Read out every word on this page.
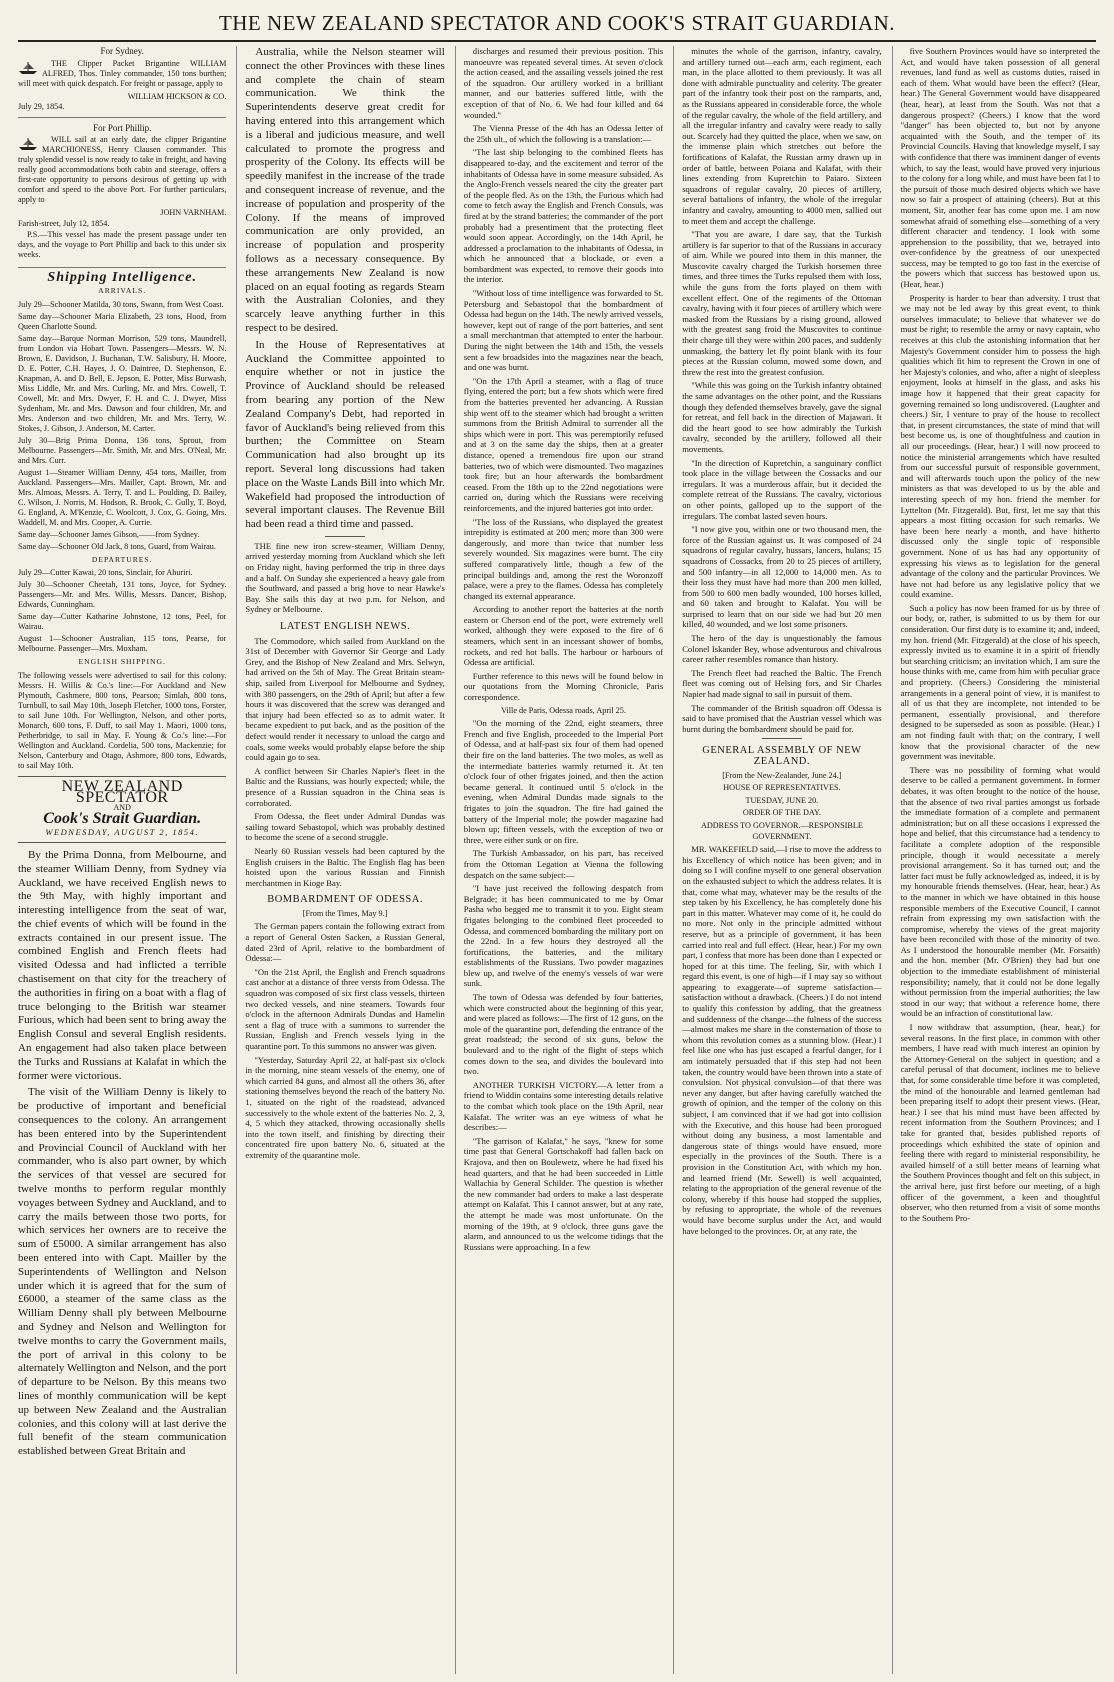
THE NEW ZEALAND SPECTATOR AND COOK'S STRAIT GUARDIAN.
For Sydney.

THE Clipper Packet Brigantine WILLIAM ALFRED, Thos. Tinley commander, 150 tons burthen; will meet with quick despatch. For freight or passage, apply to

WILLIAM HICKSON & CO.
July 29, 1854.
For Port Phillip.

WILL sail at an early date, the clipper Brigantine MARCHIONESS, Henry Clausen commander. This truly splendid vessel is now ready to take in freight, and having really good accommodations both cabin and steerage, offers a first-rate opportunity to persons desirous of getting up with comfort and speed to the above Port. For further particulars, apply to

JOHN VARNHAM.
Farish-street, July 12, 1854.

P.S.—This vessel has made the present passage under ten days, and the voyage to Port Phillip and back to this under six weeks.

Shipping Intelligence.
ARRIVALS.

July 29—Schooner Matilda, 30 tons, Swann, from West Coast.

Same day—Schooner Maria Elizabeth, 23 tons, Hood, from Queen Charlotte Sound.

Same day—Barque Norman Morrison, 529 tons, Maundrell, from London via Hobart Town. Passengers—Messrs. W. N. Brown, E. Davidson, J. Buchanan, T.W. Salisbury, H. Moore, D. E. Potter, C.H. Hayes, J. O. Daintree, D. Stephenson, E. Knapman, A. and D. Bell, E. Jepson, E. Potter, Miss Burwash, Miss Liddle, Mr. and Mrs. Curling, Mr. and Mrs. Cowell, T. Cowell, Mr. and Mrs. Dwyer, F. H. and C. J. Dwyer, Miss Sydenham, Mr. and Mrs. Dawson and four children, Mr. and Mrs. Anderson and two children, Mr. and Mrs. Terry, W. Stokes, J. Gibson, J. Anderson, M. Carter.

July 30—Brig Prima Donna, 136 tons, Sprout, from Melbourne. Passengers—Mr. Smith, Mr. and Mrs. O'Neal, Mr. and Mrs. Curr.

August 1—Steamer William Denny, 454 tons, Mailler, from Auckland. Passengers—Mrs. Mailler, Capt. Brown, Mr. and Mrs. Almoas, Messrs. A. Terry, T. and L. Poulding, D. Bailey, C. Wilson, J. Norris, M. Hodson, R. Brook, C. Gully, T. Boyd, G. England, A. M'Kenzie, C. Woolcott, J. Cox, G. Going, Mrs. Waddell, M. and Mrs. Cooper, A. Currie.

Same day—Schooner James Gibson,——from Sydney.

Same day—Schooner Old Jack, 8 tons, Guard, from Wairau.

DEPARTURES.

July 29—Cutter Kawai, 20 tons, Sinclair, for Ahuriri.

July 30—Schooner Cheetah, 131 tons, Joyce, for Sydney. Passengers—Mr. and Mrs. Willis, Messrs. Dancer, Bishop, Edwards, Cunningham.

Same day—Cutter Katharine Johnstone, 12 tons, Peel, for Wairau.

August 1—Schooner Australian, 115 tons, Pearse, for Melbourne. Passenger—Mrs. Moxham.

ENGLISH SHIPPING.

The following vessels were advertised to sail for this colony. Messrs. H. Willis & Co.'s line:—For Auckland and New Plymouth, Cashmere, 800 tons, Pearson; Simlah, 800 tons, Turnbull, to sail May 10th, Joseph Fletcher, 1000 tons, Forster, to sail June 10th. For Wellington, Nelson, and other ports, Monarch, 600 tons, F. Duff, to sail May 1. Maori, 1000 tons, Petherbridge, to sail in May. F. Young & Co.'s line:—For Wellington and Auckland. Cordelia, 500 tons, Mackenzie; for Nelson, Canterbury and Otago, Ashmore, 800 tons, Edwards, to sail May 10th.

NEW ZEALAND SPECTATOR
AND
Cook's Strait Guardian.
WEDNESDAY, AUGUST 2, 1854.

By the Prima Donna, from Melbourne, and the steamer William Denny, from Sydney via Auckland, we have received English news to the 9th May, with highly important and interesting intelligence from the seat of war, the chief events of which will be found in the extracts contained in our present issue. The combined English and French fleets had visited Odessa and had inflicted a terrible chastisement on that city for the treachery of the authorities in firing on a boat with a flag of truce belonging to the British war steamer Furious, which had been sent to bring away the English Consul and several English residents. An engagement had also taken place between the Turks and Russians at Kalafat in which the former were victorious.

The visit of the William Denny is likely to be productive of important and beneficial consequences to the colony. An arrangement has been entered into by the Superintendent and Provincial Council of Auckland with her commander, who is also part owner, by which the services of that vessel are secured for twelve months to perform regular monthly voyages between Sydney and Auckland, and to carry the mails between those two ports, for which services her owners are to receive the sum of £5000. A similar arrangement has also been entered into with Capt. Mailler by the Superintendents of Wellington and Nelson under which it is agreed that for the sum of £6000, a steamer of the same class as the William Denny shall ply between Melbourne and Sydney and Nelson and Wellington for twelve months to carry the Government mails, the port of arrival in this colony to be alternately Wellington and Nelson, and the port of departure to be Nelson. By this means two lines of monthly communication will be kept up between New Zealand and the Australian colonies, and this colony will at last derive the full benefit of the steam communication established between Great Britain and

Australia, while the Nelson steamer will connect the other Provinces with these lines and complete the chain of steam communication. We think the Superintendents deserve great credit for having entered into this arrangement which is a liberal and judicious measure, and well calculated to promote the progress and prosperity of the Colony. Its effects will be speedily manifest in the increase of the trade and consequent increase of revenue, and the increase of population and prosperity of the Colony. If the means of improved communication are only provided, an increase of population and prosperity follows as a necessary consequence. By these arrangements New Zealand is now placed on an equal footing as regards Steam with the Australian Colonies, and they scarcely leave anything further in this respect to be desired.

In the House of Representatives at Auckland the Committee appointed to enquire whether or not in justice the Province of Auckland should be released from bearing any portion of the New Zealand Company's Debt, had reported in favor of Auckland's being relieved from this burthen; the Committee on Steam Communication had also brought up its report. Several long discussions had taken place on the Waste Lands Bill into which Mr. Wakefield had proposed the introduction of several important clauses. The Revenue Bill had been read a third time and passed.

THE fine new iron screw-steamer, William Denny, arrived yesterday morning from Auckland which she left on Friday night, having performed the trip in three days and a half. On Sunday she experienced a heavy gale from the Southward, and passed a brig hove to near Hawke's Bay. She sails this day at two p.m. for Nelson, and Sydney or Melbourne.

LATEST ENGLISH NEWS.

The Commodore, which sailed from Auckland on the 31st of December with Governor Sir George and Lady Grey, and the Bishop of New Zealand and Mrs. Selwyn, had arrived on the 5th of May. The Great Britain steam-ship, sailed from Liverpool for Melbourne and Sydney, with 380 passengers, on the 29th of April; but after a few hours it was discovered that the screw was deranged and that injury had been effected so as to admit water. It became expedient to put back, and as the position of the defect would render it necessary to unload the cargo and coals, some weeks would probably elapse before the ship could again go to sea.

A conflict between Sir Charles Napier's fleet in the Baltic and the Russians, was hourly expected; while, the presence of a Russian squadron in the China seas is corroborated.

From Odessa, the fleet under Admiral Dundas was sailing toward Sebastopol, which was probably destined to become the scene of a second struggle.

Nearly 60 Russian vessels had been captured by the English cruisers in the Baltic. The English flag has been hoisted upon the various Russian and Finnish merchantmen in Kioge Bay.

BOMBARDMENT OF ODESSA.
[From the Times, May 9.]

The German papers contain the following extract from a report of General Osten Sacken, a Russian General, dated 23rd of April, relative to the bombardment of Odessa:—

"On the 21st April, the English and French squadrons cast anchor at a distance of three versts from Odessa. The squadron was composed of six first class vessels, thirteen two decked vessels, and nine steamers. Towards four o'clock in the afternoon Admirals Dundas and Hamelin sent a flag of truce with a summons to surrender the Russian, English and French vessels lying in the quarantine port. To this summons no answer was given.

"Yesterday, Saturday April 22, at half-past six o'clock in the morning, nine steam vessels of the enemy, one of which carried 84 guns, and almost all the others 36, after stationing themselves beyond the reach of the battery No. 1, situated on the right of the roadstead, advanced successively to the whole extent of the batteries No. 2, 3, 4, 5 which they attacked, throwing occasionally shells into the town itself, and finishing by directing their concentrated fire upon battery No. 6, situated at the extremity of the quarantine mole.

discharges and resumed their previous position. This manoeuvre was repeated several times. At seven o'clock the action ceased, and the assailing vessels joined the rest of the squadron. Our artillery worked in a brilliant manner, and our batteries suffered little, with the exception of that of No. 6. We had four killed and 64 wounded."

The Vienna Presse of the 4th has an Odessa letter of the 25th ult., of which the following is a translation:—

"The last ship belonging to the combined fleets has disappeared to-day, and the excitement and terror of the inhabitants of Odessa have in some measure subsided. As the Anglo-French vessels neared the city the greater part of the people fled. As on the 13th, the Furious which had come to fetch away the English and French Consuls, was fired at by the strand batteries; the commander of the port probably had a presentiment that the protecting fleet would soon appear. Accordingly, on the 14th April, he addressed a proclamation to the inhabitants of Odessa, in which he announced that a blockade, or even a bombardment was expected, to remove their goods into the interior.

"Without loss of time intelligence was forwarded to St. Petersburg and Sebastopol that the bombardment of Odessa had begun on the 14th. The newly arrived vessels, however, kept out of range of the port batteries, and sent a small merchantman that attempted to enter the harbour. During the night between the 14th and 15th, the vessels sent a few broadsides into the magazines near the beach, and one was burnt.

"On the 17th April a steamer, with a flag of truce flying, entered the port; but a few shots which were fired from the batteries prevented her advancing. A Russian ship went off to the steamer which had brought a written summons from the British Admiral to surrender all the ships which were in port. This was peremptorily refused and at 3 on the same day the ships, then at a greater distance, opened a tremendous fire upon our strand batteries, two of which were dismounted. Two magazines took fire; but an hour afterwards the bombardment ceased. From the 18th up to the 22nd negotiations were carried on, during which the Russians were receiving reinforcements, and the injured batteries got into order.

"The loss of the Russians, who displayed the greatest intrepidity is estimated at 200 men; more than 300 were dangerously, and more than twice that number less severely wounded. Six magazines were burnt. The city suffered comparatively little, though a few of the principal buildings and, among the rest the Woronzoff palace, were a prey to the flames. Odessa has completely changed its external appearance.

According to another report the batteries at the north eastern or Cherson end of the port, were extremely well worked, although they were exposed to the fire of 6 steamers, which sent in an incessant shower of bombs, rockets, and red hot balls. The harbour or harbours of Odessa are artificial.

Further reference to this news will be found below in our quotations from the Morning Chronicle, Paris correspondence.

Ville de Paris, Odessa roads, April 25.

"On the morning of the 22nd, eight steamers, three French and five English, proceeded to the Imperial Port of Odessa, and at half-past six four of them had opened their fire on the land batteries. The two moles, as well as the intermediate batteries warmly returned it. At ten o'clock four of other frigates joined, and then the action became general. It continued until 5 o'clock in the evening, when Admiral Dundas made signals to the frigates to join the squadron. The fire had gained the battery of the Imperial mole; the powder magazine had blown up; fifteen vessels, with the exception of two or three, were either sunk or on fire.

The Turkish Ambassador, on his part, has received from the Ottoman Legation at Vienna the following despatch on the same subject:—

"I have just received the following despatch from Belgrade; it has been communicated to me by Omar Pasha who begged me to transmit it to you. Eight steam frigates belonging to the combined fleet proceeded to Odessa, and commenced bombarding the military port on the 22nd. In a few hours they destroyed all the fortifications, the batteries, and the military establishments of the Russians. Two powder magazines blew up, and twelve of the enemy's vessels of war were sunk.

The town of Odessa was defended by four batteries, which were constructed about the beginning of this year, and were placed as follows:—The first of 12 guns, on the mole of the quarantine port, defending the entrance of the great roadstead; the second of six guns, below the boulevard and to the right of the flight of steps which comes down to the sea, and divides the boulevard into two.

ANOTHER TURKISH VICTORY.—A letter from a friend to Widdin contains some interesting details relative to the combat which took place on the 19th April, near Kalafat. The writer was an eye witness of what he describes:—

"The garrison of Kalafat," he says, "knew for some time past that General Gortschakoff had fallen back on Krajova, and then on Boulewetz, where he had fixed his head quarters, and that he had been succeeded in Little Wallachia by General Schilder. The question is whether the new commander had orders to make a last desperate attempt on Kalafat. This I cannot answer, but at any rate, the attempt he made was most unfortunate. On the morning of the 19th, at 9 o'clock, three guns gave the alarm, and announced to us the welcome tidings that the Russians were approaching. In a few

minutes the whole of the garrison, infantry, cavalry, and artillery turned out—each arm, each regiment, each man, in the place allotted to them previously. It was all done with admirable punctuality and celerity. The greater part of the infantry took their post on the ramparts, and, as the Russians appeared in considerable force, the whole of the regular cavalry, the whole of the field artillery, and all the irregular infantry and cavalry were ready to sally out. Scarcely had they quitted the place, when we saw, on the immense plain which stretches out before the fortifications of Kalafat, the Russian army drawn up in order of battle, between Poiana and Kalafat, with their lines extending from Kupretchin to Paiaro. Sixteen squadrons of regular cavalry, 20 pieces of artillery, several battalions of infantry, the whole of the irregular infantry and cavalry, amounting to 4000 men, sallied out to meet them and accept the challenge.

"That you are aware, I dare say, that the Turkish artillery is far superior to that of the Russians in accuracy of aim. While we poured into them in this manner, the Muscovite cavalry charged the Turkish horsemen three times, and three times the Turks repulsed them with loss, while the guns from the forts played on them with excellent effect. One of the regiments of the Ottoman cavalry, having with it four pieces of artillery which were masked from the Russians by a rising ground, allowed with the greatest sang froid the Muscovites to continue their charge till they were within 200 paces, and suddenly unmasking, the battery let fly point blank with its four pieces at the Russian column, mowed some down, and threw the rest into the greatest confusion.

"While this was going on the Turkish infantry obtained the same advantages on the other point, and the Russians though they defended themselves bravely, gave the signal for retreat, and fell back in the direction of Majawari. It did the heart good to see how admirably the Turkish cavalry, seconded by the artillery, followed all their movements.

"In the direction of Kupretchin, a sanguinary conflict took place in the village between the Cossacks and our irregulars. It was a murderous affair, but it decided the complete retreat of the Russians. The cavalry, victorious on other points, galloped up to the support of the irregulars. The combat lasted seven hours.

"I now give you, within one or two thousand men, the force of the Russian against us. It was composed of 24 squadrons of regular cavalry, hussars, lancers, hulans; 15 squadrons of Cossacks, from 20 to 25 pieces of artillery, and 500 infantry—in all 12,000 to 14,000 men. As to their loss they must have had more than 200 men killed, from 500 to 600 men badly wounded, 100 horses killed, and 60 taken and brought to Kalafat. You will be surprised to learn that on our side we had but 20 men killed, 40 wounded, and we lost some prisoners.

The hero of the day is unquestionably the famous Colonel Iskander Bey, whose adventurous and chivalrous career rather resembles romance than history.

The French fleet had reached the Baltic. The French fleet was coming out of Helsing fors, and Sir Charles Napier had made signal to sail in pursuit of them.

The commander of the British squadron off Odessa is said to have promised that the Austrian vessel which was burnt during the bombardment should be paid for.

GENERAL ASSEMBLY OF NEW ZEALAND.
[From the New-Zealander, June 24.]
HOUSE OF REPRESENTATIVES.
TUESDAY, JUNE 20.
ORDER OF THE DAY.
ADDRESS TO GOVERNOR.—RESPONSIBLE GOVERNMENT.

MR. WAKEFIELD said,—I rise to move the address to his Excellency of which notice has been given; and in doing so I will confine myself to one general observation on the exhausted subject to which the address relates. It is that, come what may, whatever may be the results of the step taken by his Excellency, he has completely done his part in this matter. Whatever may come of it, he could do no more. Not only in the principle admitted without reserve, but as a principle of government, it has been carried into real and full effect. (Hear, hear.) For my own part, I confess that more has been done than I expected or hoped for at this time. The feeling, Sir, with which I regard this event, is one of high—if I may say so without appearing to exaggerate—of supreme satisfaction—satisfaction without a drawback. (Cheers.) I do not intend to qualify this confession by adding, that the greatness and suddenness of the change—the fulness of the success—almost makes me share in the consternation of those to whom this revolution comes as a stunning blow. (Hear.) I feel like one who has just escaped a fearful danger, for I am intimately persuaded that if this step had not been taken, the country would have been thrown into a state of convulsion. Not physical convulsion—of that there was never any danger, but after having carefully watched the growth of opinion, and the temper of the colony on this subject, I am convinced that if we had got into collision with the Executive, and this house had been prorogued without doing any business, a most lamentable and dangerous state of things would have ensued, more especially in the provinces of the South. There is a provision in the Constitution Act, with which my hon. and learned friend (Mr. Sewell) is well acquainted, relating to the appropriation of the general revenue of the colony, whereby if this house had stopped the supplies, by refusing to appropriate, the whole of the revenues would have become surplus under the Act, and would have belonged to the provinces. Or, at any rate, the

five Southern Provinces would have so interpreted the Act, and would have taken possession of all general revenues, land fund as well as customs duties, raised in each of them. What would have been the effect? (Hear, hear.) The General Government would have disappeared (hear, hear), at least from the South. Was not that a dangerous prospect? (Cheers.) I know that the word "danger" has been objected to, but not by anyone acquainted with the South, and the temper of its Provincial Councils. Having that knowledge myself, I say with confidence that there was imminent danger of events which, to say the least, would have proved very injurious to the colony for a long while, and must have been fat l to the pursuit of those much desired objects which we have now so fair a prospect of attaining (cheers). But at this moment, Sir, another fear has come upon me. I am now somewhat afraid of something else—something of a very different character and tendency. I look with some apprehension to the possibility, that we, betrayed into over-confidence by the greatness of our unexpected success, may be tempted to go too fast in the exercise of the powers which that success has bestowed upon us. (Hear, hear.)

Prosperity is harder to bear than adversity. I trust that we may not be led away by this great event, to think ourselves immaculate; to believe that whatever we do must be right; to resemble the army or navy captain, who receives at this club the astonishing information that her Majesty's Government consider him to possess the high qualities which fit him to represent the Crown in one of her Majesty's colonies, and who, after a night of sleepless enjoyment, looks at himself in the glass, and asks his image how it happened that their great capacity for governing remained so long undiscovered. (Laughter and cheers.) Sir, I venture to pray of the house to recollect that, in present circumstances, the state of mind that will best become us, is one of thoughtfulness and caution in all our proceedings. (Hear, hear.) I will now proceed to notice the ministerial arrangements which have resulted from our successful pursuit of responsible government, and will afterwards touch upon the policy of the new ministers as that was developed to us by the able and interesting speech of my hon. friend the member for Lyttelton (Mr. Fitzgerald). But, first, let me say that this appears a most fitting occasion for such remarks. We have been here nearly a month, and have hitherto discussed only the single topic of responsible government. None of us has had any opportunity of expressing his views as to legislation for the general advantage of the colony and the particular Provinces. We have not had before us any legislative policy that we could examine.

Such a policy has now been framed for us by three of our body, or, rather, is submitted to us by them for our consideration. Our first duty is to examine it; and, indeed, my hon. friend (Mr. Fitzgerald) at the close of his speech, expressly invited us to examine it in a spirit of friendly but searching criticism; an invitation which, I am sure the house thinks with me, came from him with peculiar grace and propriety. (Cheers.) Considering the ministerial arrangements in a general point of view, it is manifest to all of us that they are incomplete, not intended to be permanent, essentially provisional, and therefore designed to be superseded as soon as possible. (Hear.) I am not finding fault with that; on the contrary, I well know that the provisional character of the new government was inevitable.

There was no possibility of forming what would deserve to be called a permanent government. In former debates, it was often brought to the notice of the house, that the absence of two rival parties amongst us forbade the immediate formation of a complete and permanent administration; but on all these occasions I expressed the hope and belief, that this circumstance had a tendency to facilitate a complete adoption of the responsible principle, though it would necessitate a merely provisional arrangement. So it has turned out; and the latter fact must be fully acknowledged as, indeed, it is by my honourable friends themselves. (Hear, hear, hear.) As to the manner in which we have obtained in this house responsible members of the Executive Council, I cannot refrain from expressing my own satisfaction with the compromise, whereby the views of the great majority have been reconciled with those of the minority of two. As I understood the honourable member (Mr. Forsaith) and the hon. member (Mr. O'Brien) they had but one objection to the immediate establishment of ministerial responsibility; namely, that it could not be done legally without permission from the imperial authorities; the law stood in our way; that without a reference home, there would be an infraction of constitutional law.

I now withdraw that assumption, (hear, hear,) for several reasons. In the first place, in common with other members, I have read with much interest an opinion by the Attorney-General on the subject in question; and a careful perusal of that document, inclines me to believe that, for some considerable time before it was completed, the mind of the honourable and learned gentleman had been preparing itself to adopt their present views. (Hear, hear.) I see that his mind must have been affected by recent information from the Southern Provinces; and I take for granted that, besides published reports of proceedings which exhibited the state of opinion and feeling there with regard to ministerial responsibility, he availed himself of a still better means of learning what the Southern Provinces thought and felt on this subject, in the arrival here, just first before our meeting, of a high officer of the government, a keen and thoughtful observer, who then returned from a visit of some months to the Southern Pro-
